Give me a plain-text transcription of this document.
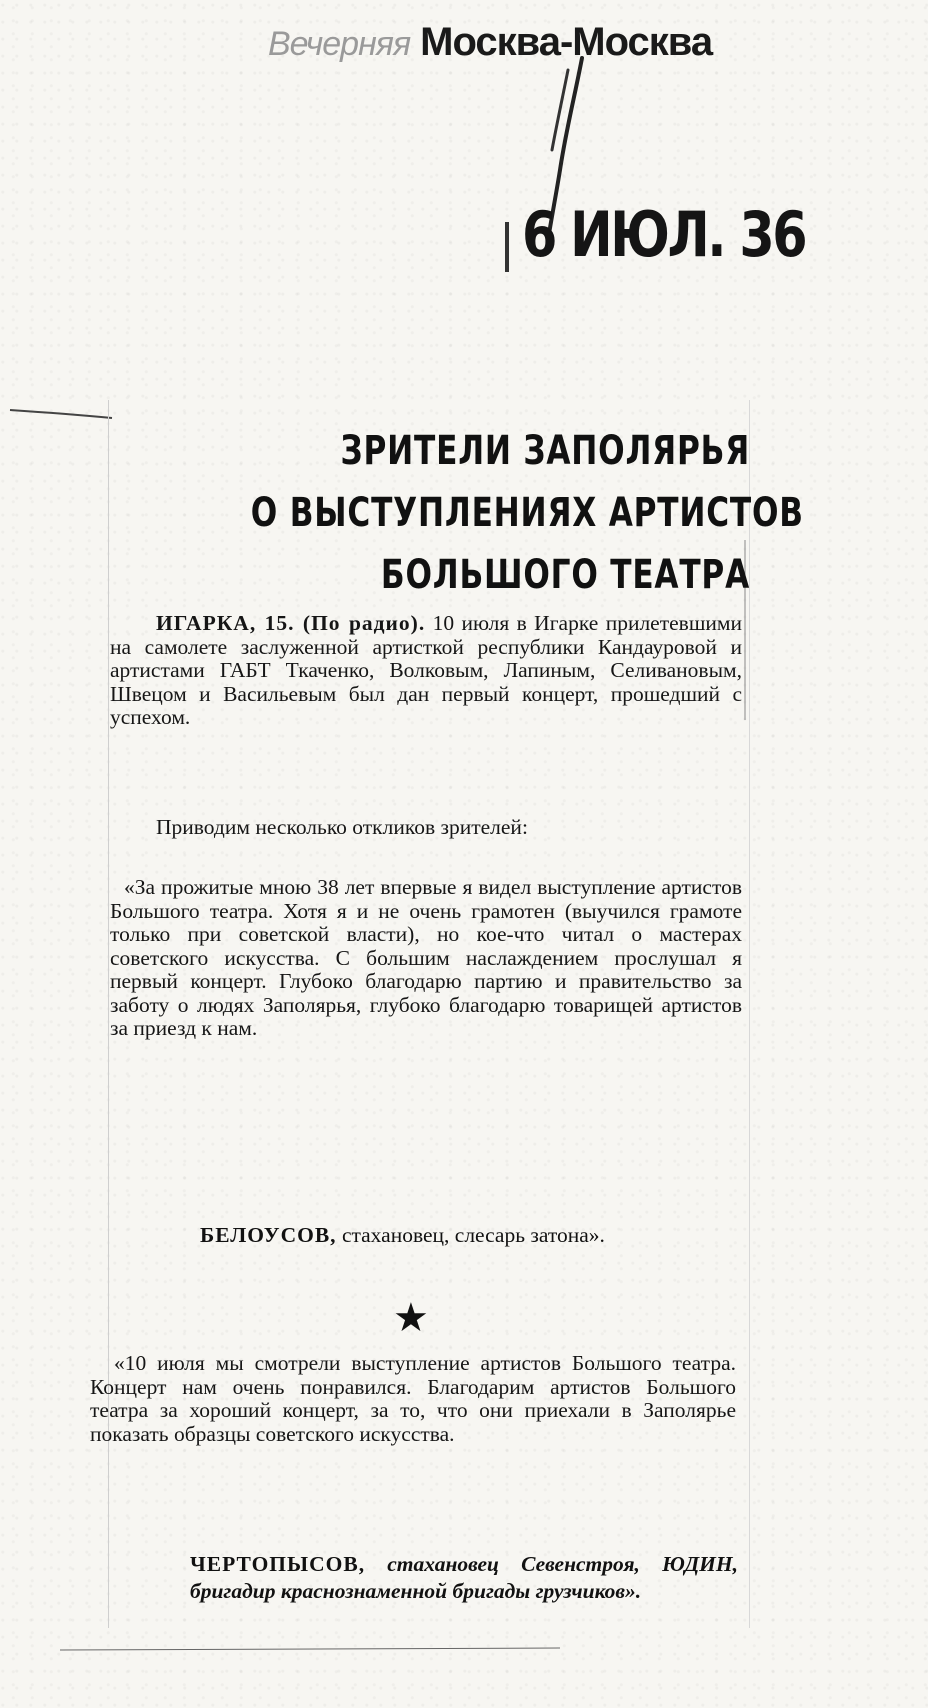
Вечерняя Москва-Москва
6 ИЮЛ. 36
ЗРИТЕЛИ ЗАПОЛЯРЬЯ
О ВЫСТУПЛЕНИЯХ АРТИСТОВ
БОЛЬШОГО ТЕАТРА
ИГАРКА, 15. (По радио). 10 июля в Игарке прилетевшими на самолете заслуженной артисткой республики Кандауровой и артистами ГАБТ Ткаченко, Волковым, Лапиным, Селивановым, Швецом и Васильевым был дан первый концерт, прошедший с успехом.
Приводим несколько откликов зрителей:
«За прожитые мною 38 лет впервые я видел выступление артистов Большого театра. Хотя я и не очень грамотен (выучился грамоте только при советской власти), но кое-что читал о мастерах советского искусства. С большим наслаждением прослушал я первый концерт. Глубоко благодарю партию и правительство за заботу о людях Заполярья, глубоко благодарю товарищей артистов за приезд к нам.
БЕЛОУСОВ, стахановец, слесарь затона».
★
«10 июля мы смотрели выступление артистов Большого театра. Концерт нам очень понравился. Благодарим артистов Большого театра за хороший концерт, за то, что они приехали в Заполярье показать образцы советского искусства.
ЧЕРТОПЫСОВ, стахановец Севенстроя, ЮДИН, бригадир краснознаменной бригады грузчиков».
